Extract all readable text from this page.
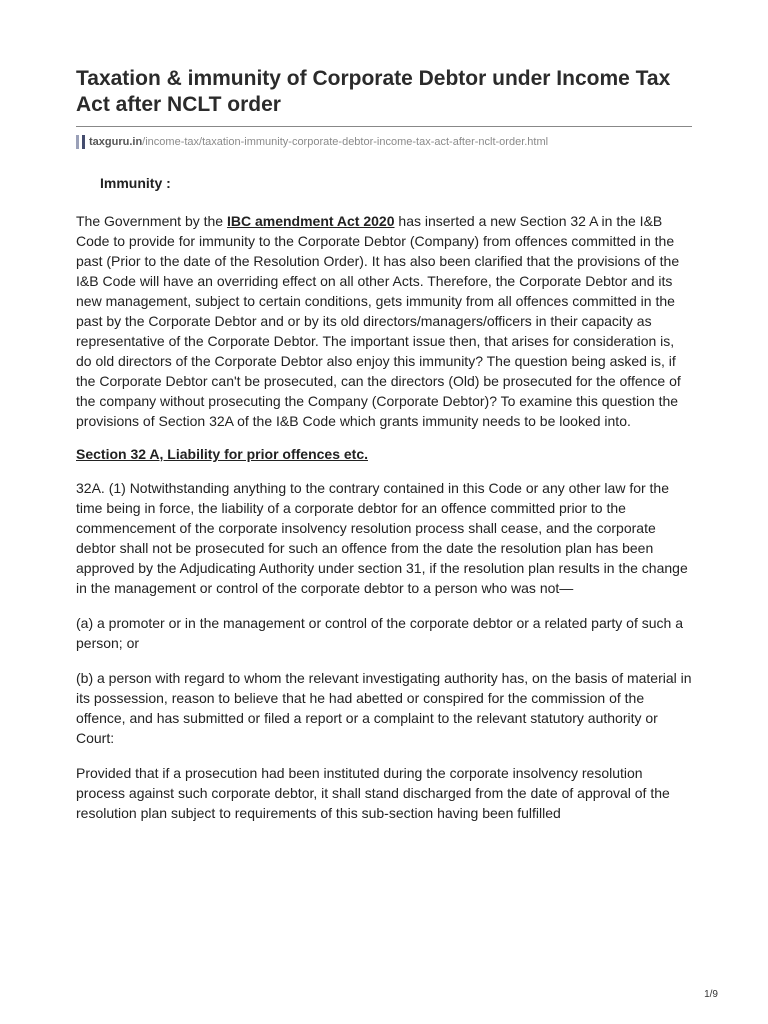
Taxation & immunity of Corporate Debtor under Income Tax Act after NCLT order
taxguru.in /income-tax/taxation-immunity-corporate-debtor-income-tax-act-after-nclt-order.html

Immunity :

The Government by the IBC amendment Act 2020 has inserted a new Section 32 A in the I&B Code to provide for immunity to the Corporate Debtor (Company) from offences committed in the past (Prior to the date of the Resolution Order). It has also been clarified that the provisions of the I&B Code will have an overriding effect on all other Acts. Therefore, the Corporate Debtor and its new management, subject to certain conditions, gets immunity from all offences committed in the past by the Corporate Debtor and or by its old directors/managers/officers in their capacity as representative of the Corporate Debtor. The important issue then, that arises for consideration is, do old directors of the Corporate Debtor also enjoy this immunity? The question being asked is, if the Corporate Debtor can't be prosecuted, can the directors (Old) be prosecuted for the offence of the company without prosecuting the Company (Corporate Debtor)? To examine this question the provisions of Section 32A of the I&B Code which grants immunity needs to be looked into.

Section 32 A, Liability for prior offences etc.

32A. (1) Notwithstanding anything to the contrary contained in this Code or any other law for the time being in force, the liability of a corporate debtor for an offence committed prior to the commencement of the corporate insolvency resolution process shall cease, and the corporate debtor shall not be prosecuted for such an offence from the date the resolution plan has been approved by the Adjudicating Authority under section 31, if the resolution plan results in the change in the management or control of the corporate debtor to a person who was not—

(a) a promoter or in the management or control of the corporate debtor or a related party of such a person; or

(b) a person with regard to whom the relevant investigating authority has, on the basis of material in its possession, reason to believe that he had abetted or conspired for the commission of the offence, and has submitted or filed a report or a complaint to the relevant statutory authority or Court:

Provided that if a prosecution had been instituted during the corporate insolvency resolution process against such corporate debtor, it shall stand discharged from the date of approval of the resolution plan subject to requirements of this sub-section having been fulfilled

1/9
